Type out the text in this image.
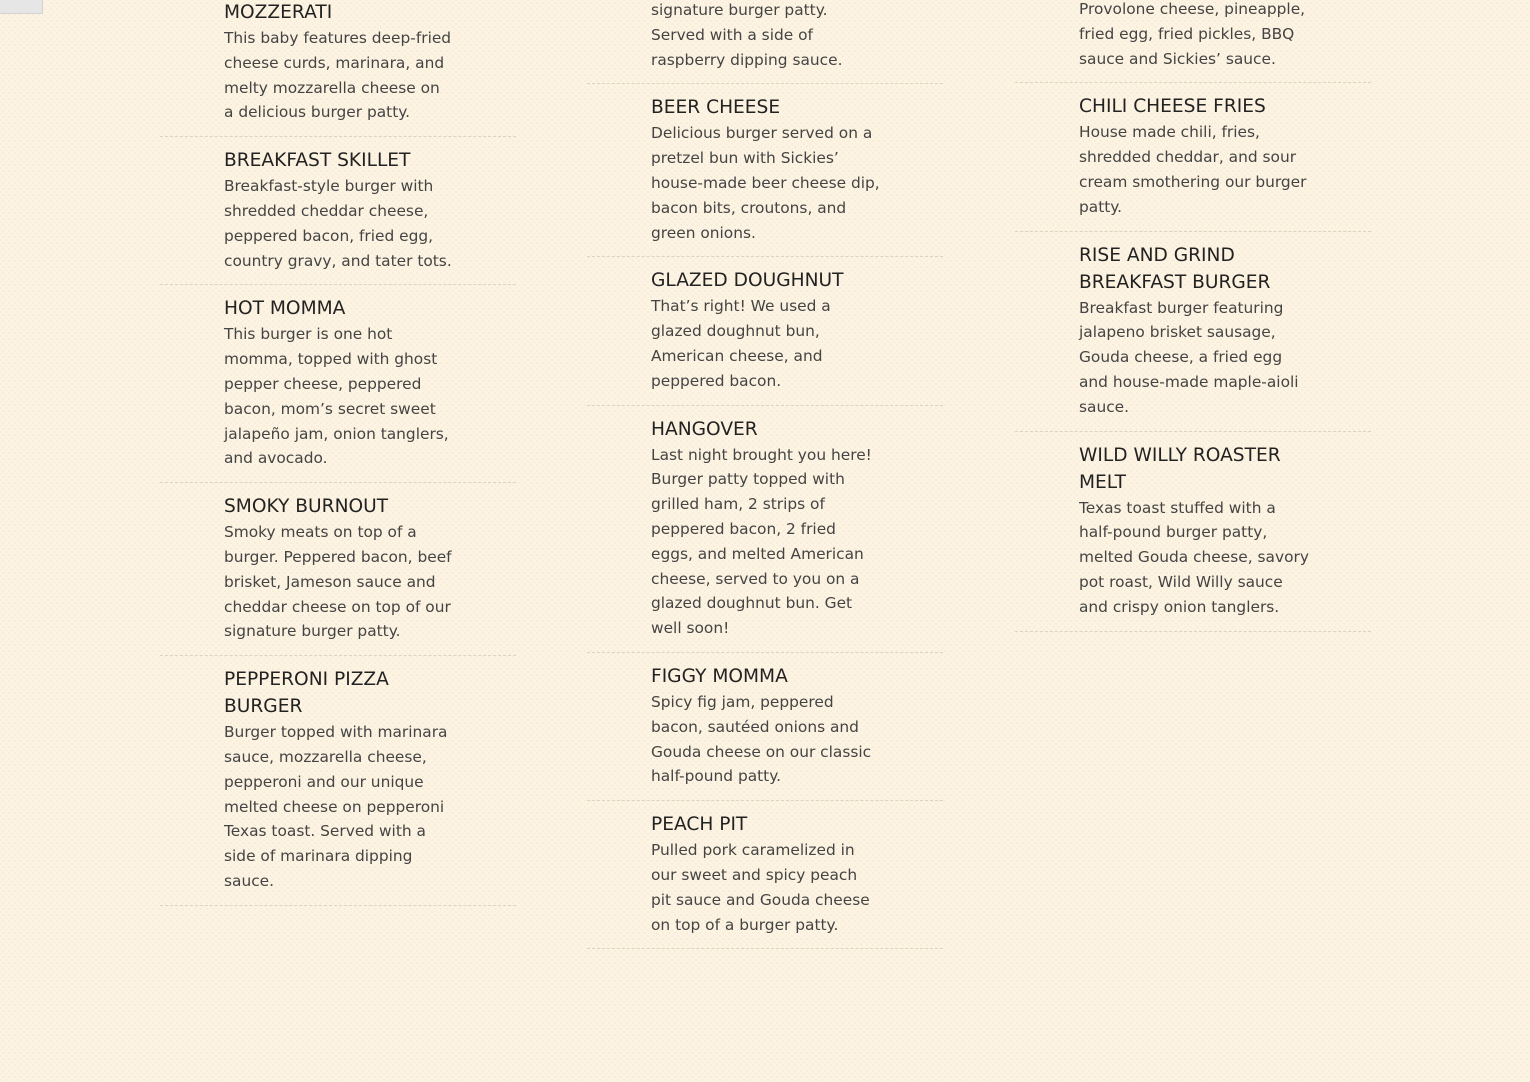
MOZZERATI

This baby features deep-fried cheese curds, marinara, and melty mozzarella cheese on a delicious burger patty.

BREAKFAST SKILLET

Breakfast-style burger with shredded cheddar cheese, peppered bacon, fried egg, country gravy, and tater tots.

HOT MOMMA

This burger is one hot momma, topped with ghost pepper cheese, peppered bacon, mom’s secret sweet jalapeño jam, onion tanglers, and avocado.

SMOKY BURNOUT

Smoky meats on top of a burger. Peppered bacon, beef brisket, Jameson sauce and cheddar cheese on top of our signature burger patty.

PEPPERONI PIZZA BURGER

Burger topped with marinara sauce, mozzarella cheese, pepperoni and our unique melted cheese on pepperoni Texas toast. Served with a side of marinara dipping sauce.

signature burger patty. Served with a side of raspberry dipping sauce.

BEER CHEESE

Delicious burger served on a pretzel bun with Sickies’ house-made beer cheese dip, bacon bits, croutons, and green onions.

GLAZED DOUGHNUT

That’s right! We used a glazed doughnut bun, American cheese, and peppered bacon.

HANGOVER

Last night brought you here! Burger patty topped with grilled ham, 2 strips of peppered bacon, 2 fried eggs, and melted American cheese, served to you on a glazed doughnut bun. Get well soon!

FIGGY MOMMA

Spicy fig jam, peppered bacon, sautéed onions and Gouda cheese on our classic half-pound patty.

PEACH PIT

Pulled pork caramelized in our sweet and spicy peach pit sauce and Gouda cheese on top of a burger patty.

Provolone cheese, pineapple, fried egg, fried pickles, BBQ sauce and Sickies’ sauce.

CHILI CHEESE FRIES

House made chili, fries, shredded cheddar, and sour cream smothering our burger patty.

RISE AND GRIND BREAKFAST BURGER

Breakfast burger featuring jalapeno brisket sausage, Gouda cheese, a fried egg and house-made maple-aioli sauce.

WILD WILLY ROASTER MELT

Texas toast stuffed with a half-pound burger patty, melted Gouda cheese, savory pot roast, Wild Willy sauce and crispy onion tanglers.
